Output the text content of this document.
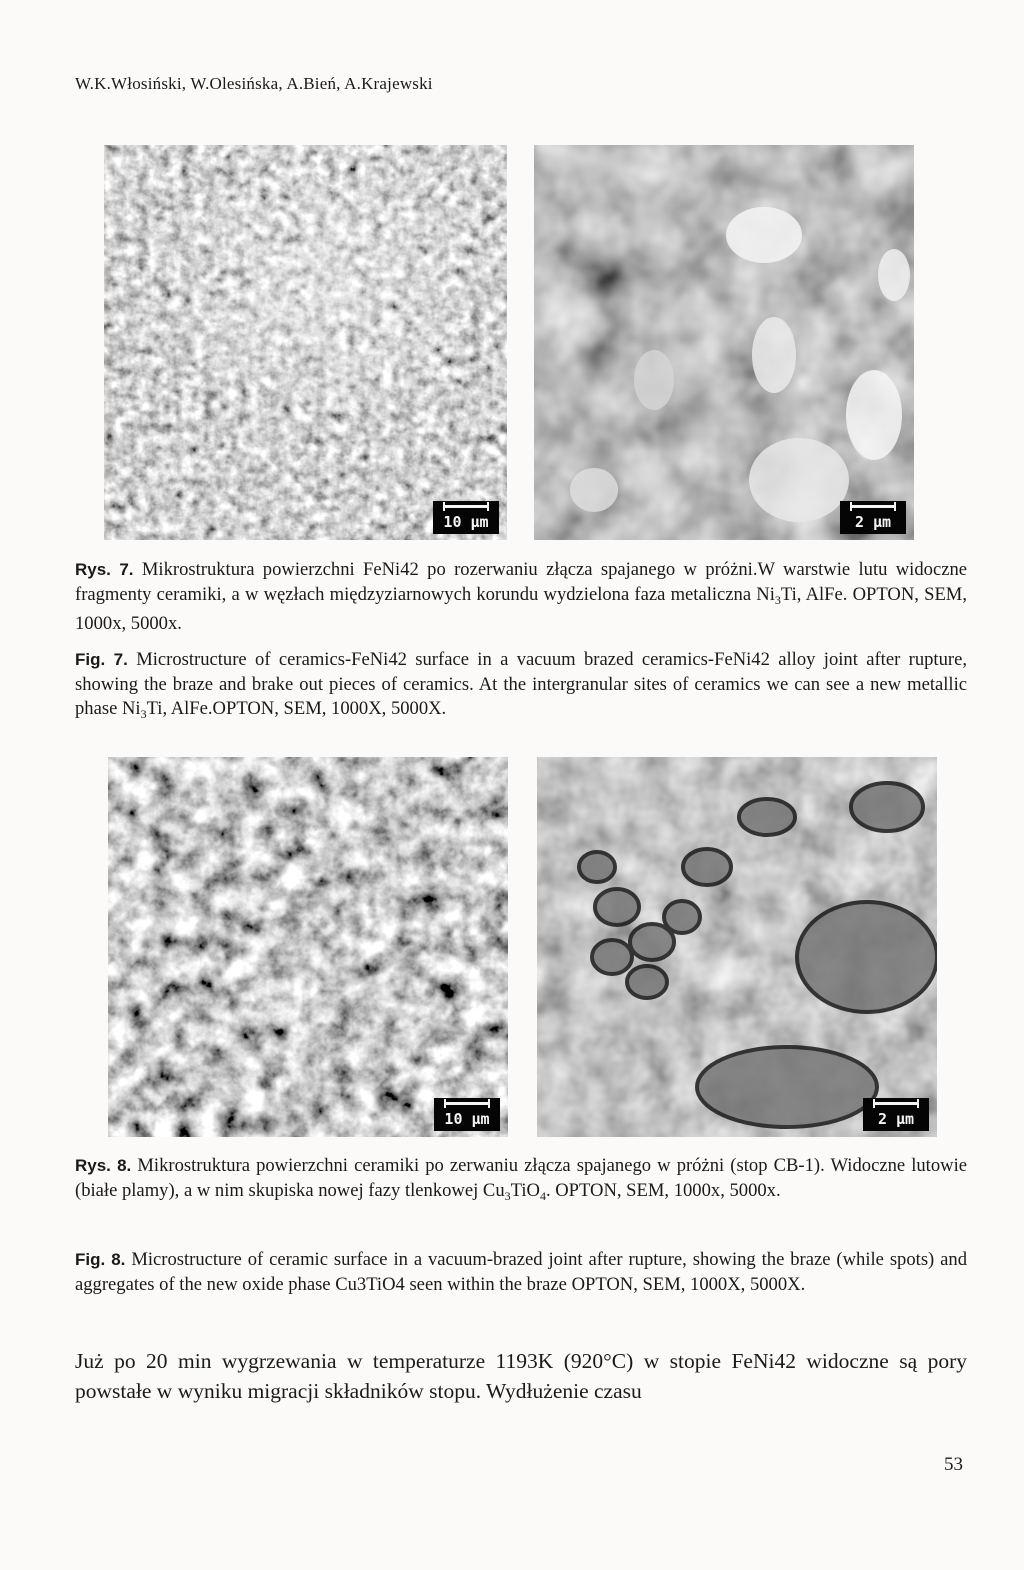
W.K.Włosiński, W.Olesińska, A.Bień, A.Krajewski
10 μm	2 μm
Rys. 7. Mikrostruktura powierzchni FeNi42 po rozerwaniu złącza spajanego w próżni.W warstwie lutu widoczne fragmenty ceramiki, a w węzłach międzyziarnowych korundu wydzielona faza metaliczna $Ni_3Ti$, AlFe. OPTON, SEM, 1000x, 5000x.
Fig. 7. Microstructure of ceramics-FeNi42 surface in a vacuum brazed ceramics-FeNi42 alloy joint after rupture, showing the braze and brake out pieces of ceramics. At the intergranular sites of ceramics we can see a new metallic phase $Ni_3Ti$, AlFe.OPTON, SEM, 1000X, 5000X.
10 μm	2 μm
Rys. 8. Mikrostruktura powierzchni ceramiki po zerwaniu złącza spajanego w próżni (stop CB-1). Widoczne lutowie (białe plamy), a w nim skupiska nowej fazy tlenkowej $Cu_3TiO_4$. OPTON, SEM, 1000x, 5000x.
Fig. 8. Microstructure of ceramic surface in a vacuum-brazed joint after rupture, showing the braze (while spots) and aggregates of the new oxide phase Cu3TiO4 seen within the braze OPTON, SEM, 1000X, 5000X.
Już po 20 min wygrzewania w temperaturze 1193K (920°C) w stopie FeNi42 widoczne są pory powstałe w wyniku migracji składników stopu. Wydłużenie czasu
53
